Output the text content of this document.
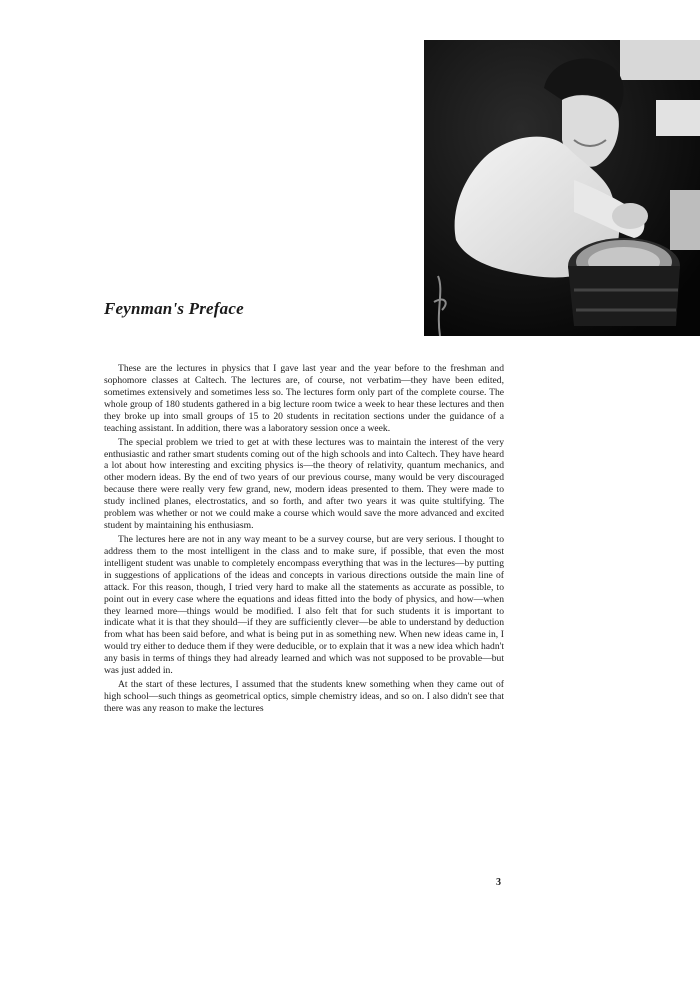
Feynman's Preface

These are the lectures in physics that I gave last year and the year before to the freshman and sophomore classes at Caltech. The lectures are, of course, not verbatim—they have been edited, sometimes extensively and sometimes less so. The lectures form only part of the complete course. The whole group of 180 students gathered in a big lecture room twice a week to hear these lectures and then they broke up into small groups of 15 to 20 students in recitation sections under the guidance of a teaching assistant. In addition, there was a laboratory session once a week.

The special problem we tried to get at with these lectures was to maintain the interest of the very enthusiastic and rather smart students coming out of the high schools and into Caltech. They have heard a lot about how interesting and exciting physics is—the theory of relativity, quantum mechanics, and other modern ideas. By the end of two years of our previous course, many would be very discouraged because there were really very few grand, new, modern ideas presented to them. They were made to study inclined planes, electrostatics, and so forth, and after two years it was quite stultifying. The problem was whether or not we could make a course which would save the more advanced and excited student by maintaining his enthusiasm.

The lectures here are not in any way meant to be a survey course, but are very serious. I thought to address them to the most intelligent in the class and to make sure, if possible, that even the most intelligent student was unable to completely encompass everything that was in the lectures—by putting in suggestions of applications of the ideas and concepts in various directions outside the main line of attack. For this reason, though, I tried very hard to make all the statements as accurate as possible, to point out in every case where the equations and ideas fitted into the body of physics, and how—when they learned more—things would be modified. I also felt that for such students it is important to indicate what it is that they should—if they are sufficiently clever—be able to understand by deduction from what has been said before, and what is being put in as something new. When new ideas came in, I would try either to deduce them if they were deducible, or to explain that it was a new idea which hadn't any basis in terms of things they had already learned and which was not supposed to be provable—but was just added in.

At the start of these lectures, I assumed that the students knew something when they came out of high school—such things as geometrical optics, simple chemistry ideas, and so on. I also didn't see that there was any reason to make the lectures

3
